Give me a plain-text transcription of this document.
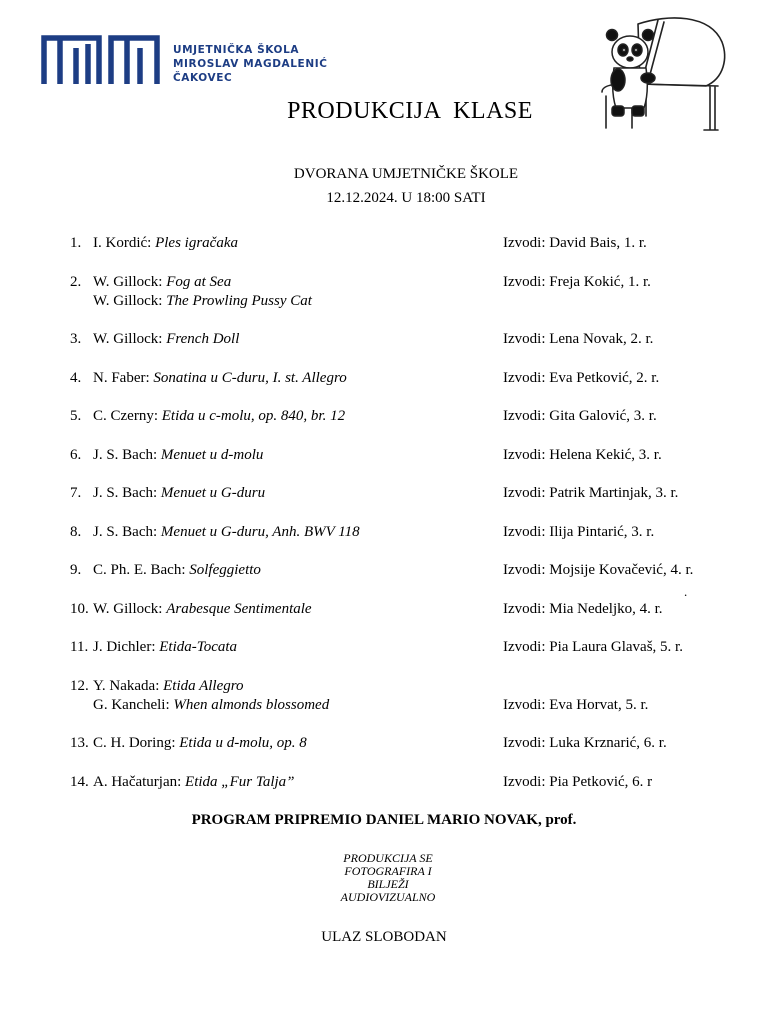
UMJETNIČKA ŠKOLA
MIROSLAV MAGDALENIĆ
ČAKOVEC
PRODUKCIJA  KLASE
DVORANA UMJETNIČKE ŠKOLE
12.12.2024. U 18:00 SATI
1. I. Kordić: Ples igračaka	Izvodi: David Bais, 1. r.
2. W. Gillock: Fog at Sea
W. Gillock: The Prowling Pussy Cat
Izvodi: Freja Kokić, 1. r.
3. W. Gillock: French Doll	Izvodi: Lena Novak, 2. r.
4. N. Faber: Sonatina u C-duru, I. st. Allegro	Izvodi: Eva Petković, 2. r.
5. C. Czerny: Etida u c-molu, op. 840, br. 12	Izvodi: Gita Galović, 3. r.
6. J. S. Bach: Menuet u d-molu	Izvodi: Helena Kekić, 3. r.
7. J. S. Bach: Menuet u G-duru	Izvodi: Patrik Martinjak, 3. r.
8. J. S. Bach: Menuet u G-duru, Anh. BWV 118	Izvodi: Ilija Pintarić, 3. r.
9. C. Ph. E. Bach: Solfeggietto	Izvodi: Mojsije Kovačević, 4. r.
10. W. Gillock: Arabesque Sentimentale	Izvodi: Mia Nedeljko, 4. r.
11. J. Dichler: Etida-Tocata	Izvodi: Pia Laura Glavaš, 5. r.
12. Y. Nakada: Etida Allegro
G. Kancheli: When almonds blossomed	Izvodi: Eva Horvat, 5. r.
13. C. H. Doring: Etida u d-molu, op. 8	Izvodi: Luka Krznarić, 6. r.
14. A. Hačaturjan: Etida „Fur Talja”	Izvodi: Pia Petković, 6. r
.
PROGRAM PRIPREMIO DANIEL MARIO NOVAK, prof.
PRODUKCIJA SE
FOTOGRAFIRA I
BILJEŽI
AUDIOVIZUALNO
ULAZ SLOBODAN
